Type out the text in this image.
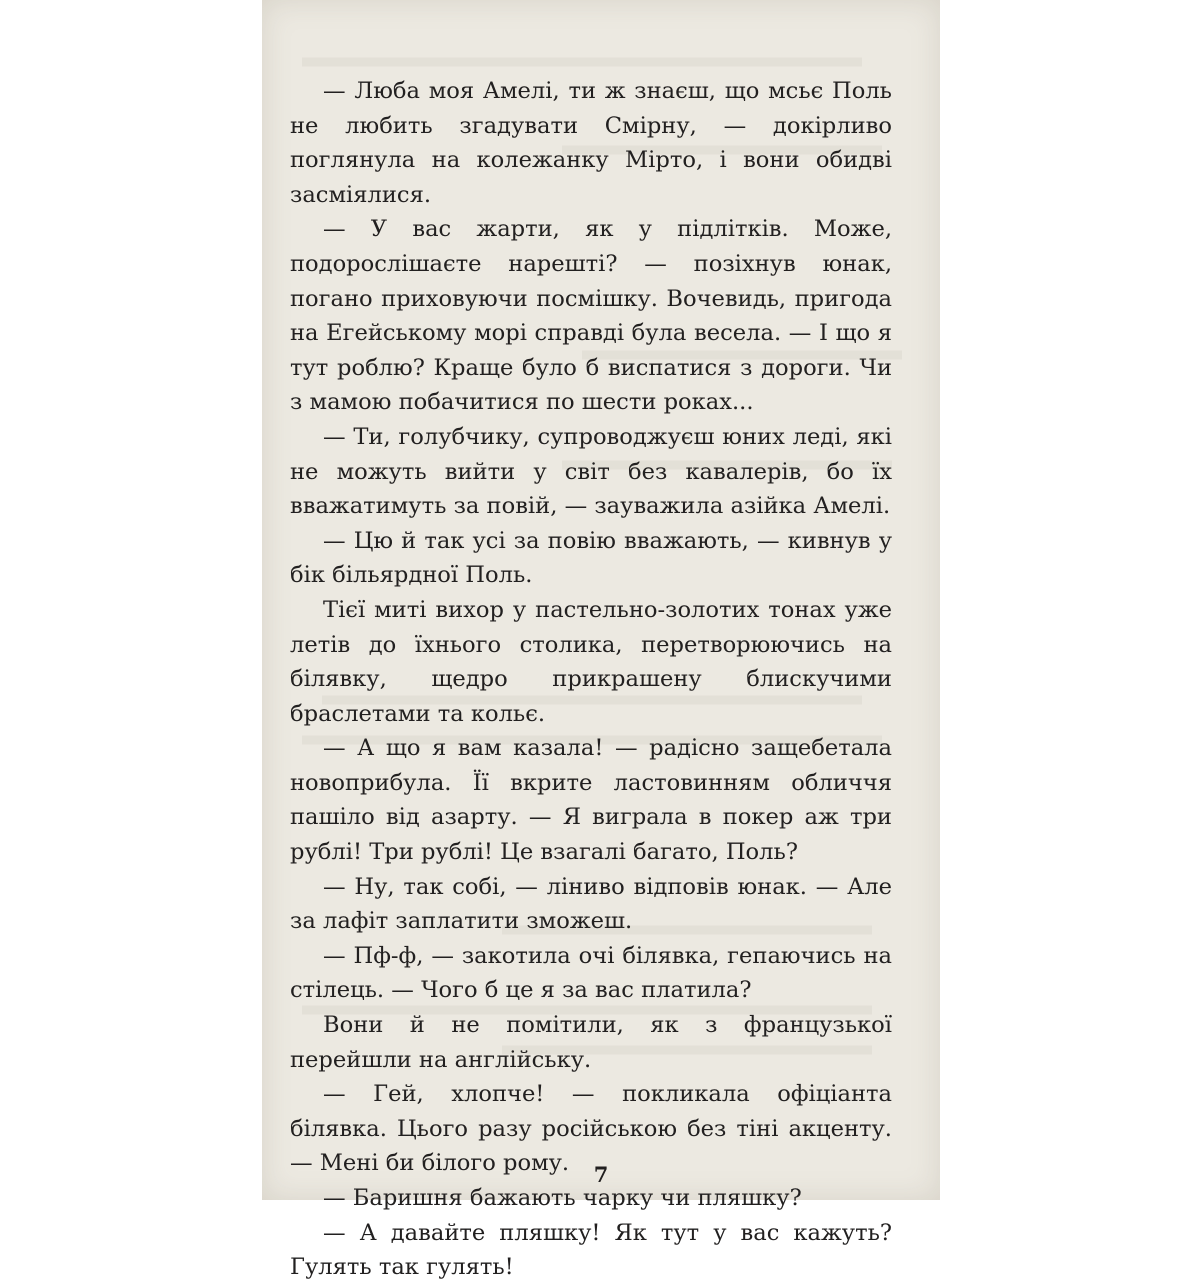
— Люба моя Амелі, ти ж знаєш, що мсьє Поль не любить згадувати Смірну, — докірливо поглянула на колежанку Мірто, і вони обидві засміялися.

— У вас жарти, як у підлітків. Може, подорослішаєте нарешті? — позіхнув юнак, погано приховуючи посмішку. Вочевидь, пригода на Егейському морі справді була весела. — І що я тут роблю? Краще було б виспатися з дороги. Чи з мамою побачитися по шести роках...

— Ти, голубчику, супроводжуєш юних леді, які не можуть вийти у світ без кавалерів, бо їх вважатимуть за повій, — зауважила азійка Амелі.

— Цю й так усі за повію вважають, — кивнув у бік більярдної Поль.

Тієї миті вихор у пастельно-золотих тонах уже летів до їхнього столика, перетворюючись на білявку, щедро прикрашену блискучими браслетами та кольє.

— А що я вам казала! — радісно защебетала новоприбула. Її вкрите ластовинням обличчя пашіло від азарту. — Я виграла в покер аж три рублі! Три рублі! Це взагалі багато, Поль?

— Ну, так собі, — ліниво відповів юнак. — Але за лафіт заплатити зможеш.

— Пф-ф, — закотила очі білявка, гепаючись на стілець. — Чого б це я за вас платила?

Вони й не помітили, як з французької перейшли на англійську.

— Гей, хлопче! — покликала офіціанта білявка. Цього разу російською без тіні акценту. — Мені би білого рому.

— Баришня бажають чарку чи пляшку?

— А давайте пляшку! Як тут у вас кажуть? Гулять так гулять!

7
